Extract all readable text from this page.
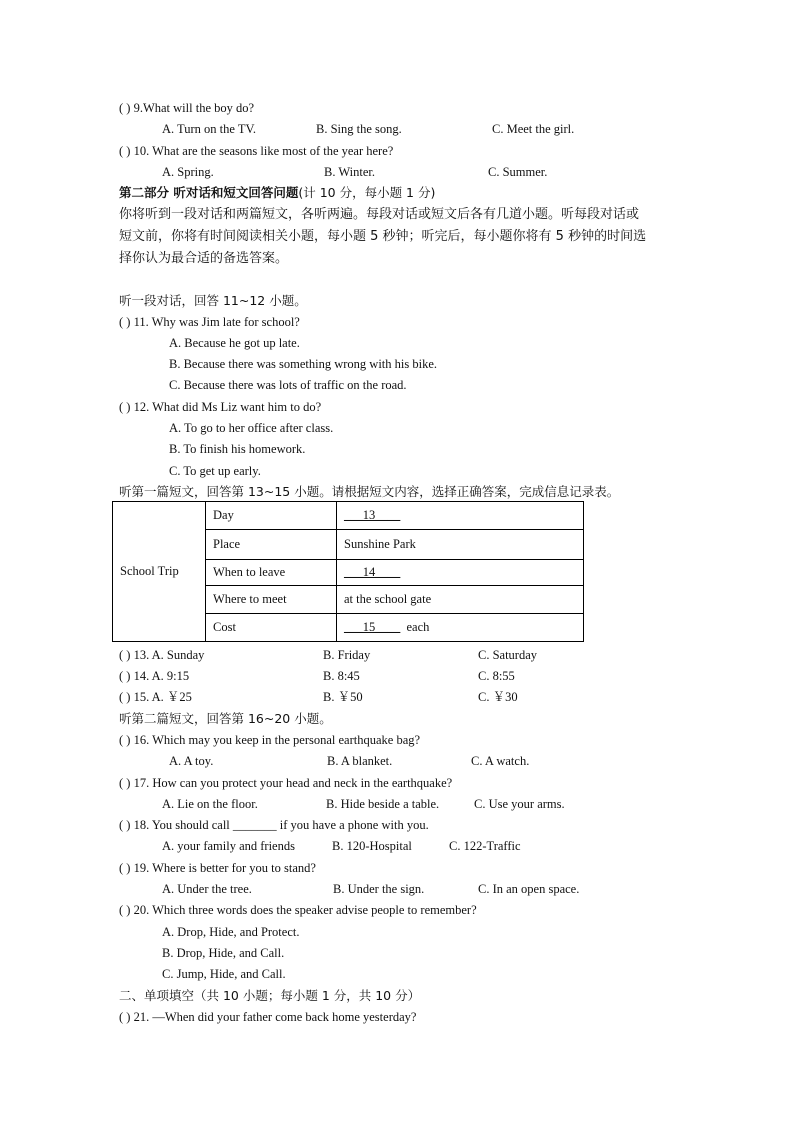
( ) 9.What will the boy do?
A. Turn on the TV.	B. Sing the song.	C. Meet the girl.
( ) 10. What are the seasons like most of the year here?
A. Spring.	B. Winter.	C. Summer.
第二部分 听对话和短文回答问题(计 10 分，每小题 1 分)
你将听到一段对话和两篇短文，各听两遍。每段对话或短文后各有几道小题。听每段对话或
短文前，你将有时间阅读相关小题，每小题 5 秒钟；听完后，每小题你将有 5 秒钟的时间选
择你认为最合适的备选答案。
听一段对话，回答 11~12 小题。
( ) 11. Why was Jim late for school?
A. Because he got up late.
B. Because there was something wrong with his bike.
C. Because there was lots of traffic on the road.
( ) 12. What did Ms Liz want him to do?
A. To go to her office after class.
B. To finish his homework.
C. To get up early.
听第一篇短文，回答第 13~15 小题。请根据短文内容，选择正确答案，完成信息记录表。
School Trip	Day	___13____
	Place	Sunshine Park
	When to leave	___14____
	Where to meet	at the school gate
	Cost	___15____  each
( ) 13. A. Sunday	B. Friday	C. Saturday
( ) 14. A. 9:15	B. 8:45	C. 8:55
( ) 15. A. ￥25	B. ￥50	C. ￥30
听第二篇短文，回答第 16~20 小题。
( ) 16. Which may you keep in the personal earthquake bag?
A. A toy.	B. A blanket.	C. A watch.
( ) 17. How can you protect your head and neck in the earthquake?
A. Lie on the floor.	B. Hide beside a table.	C. Use your arms.
( ) 18. You should call _______ if you have a phone with you.
A. your family and friends	B. 120-Hospital	C. 122-Traffic
( ) 19. Where is better for you to stand?
A. Under the tree.	B. Under the sign.	C. In an open space.
( ) 20. Which three words does the speaker advise people to remember?
A. Drop, Hide, and Protect.
B. Drop, Hide, and Call.
C. Jump, Hide, and Call.
二、单项填空（共 10 小题；每小题 1 分，共 10 分）
( ) 21. —When did your father come back home yesterday?
